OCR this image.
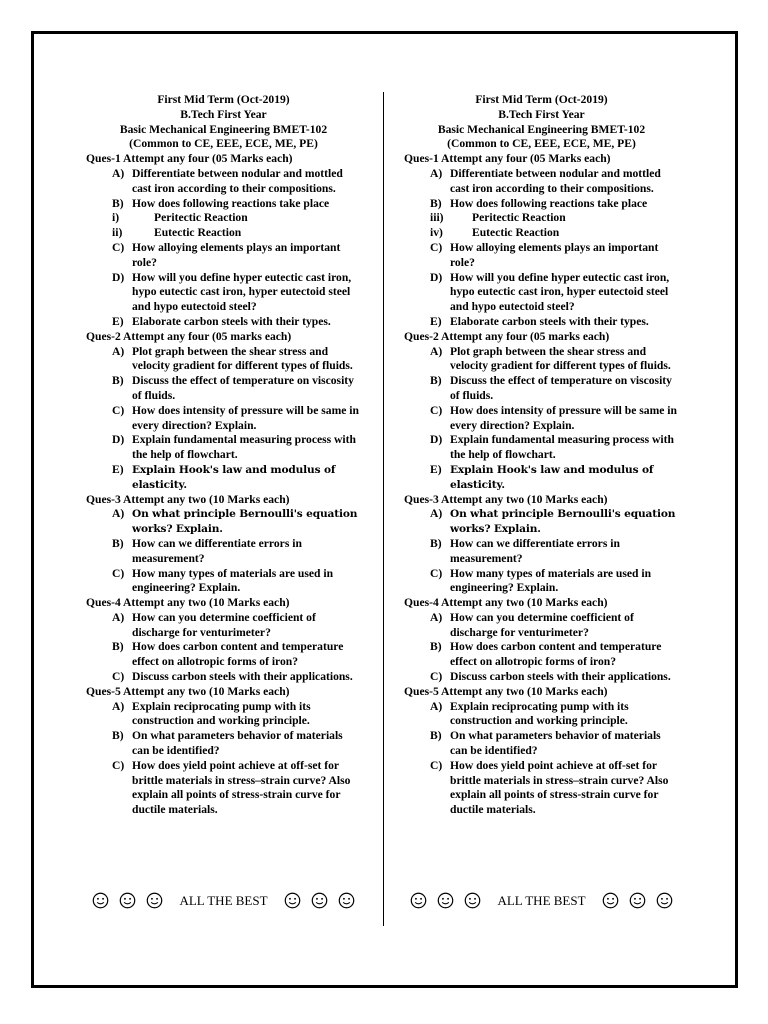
First Mid Term (Oct-2019)
B.Tech First Year
Basic Mechanical Engineering BMET-102
(Common to CE, EEE, ECE, ME, PE)
Ques-1 Attempt any four (05 Marks each)
A) Differentiate between nodular and mottled cast iron according to their compositions.
B) How does following reactions take place
i)	Peritectic Reaction
ii)	Eutectic Reaction
C) How alloying elements plays an important role?
D) How will you define hyper eutectic cast iron, hypo eutectic cast iron, hyper eutectoid steel and hypo eutectoid steel?
E) Elaborate carbon steels with their types.
Ques-2 Attempt any four (05 marks each)
A) Plot graph between the shear stress and velocity gradient for different types of fluids.
B) Discuss the effect of temperature on viscosity of fluids.
C) How does intensity of pressure will be same in every direction? Explain.
D) Explain fundamental measuring process with the help of flowchart.
E) Explain Hook's law and modulus of elasticity.
Ques-3 Attempt any two (10 Marks each)
A) On what principle Bernoulli's equation works? Explain.
B) How can we differentiate errors in measurement?
C) How many types of materials are used in engineering? Explain.
Ques-4 Attempt any two (10 Marks each)
A) How can you determine coefficient of discharge for venturimeter?
B) How does carbon content and temperature effect on allotropic forms of iron?
C) Discuss carbon steels with their applications.
Ques-5 Attempt any two (10 Marks each)
A) Explain reciprocating pump with its construction and working principle.
B) On what parameters behavior of materials can be identified?
C) How does yield point achieve at off-set for brittle materials in stress–strain curve? Also explain all points of stress-strain curve for ductile materials.
First Mid Term (Oct-2019)
B.Tech First Year
Basic Mechanical Engineering BMET-102
(Common to CE, EEE, ECE, ME, PE)
Ques-1 Attempt any four (05 Marks each)
A) Differentiate between nodular and mottled cast iron according to their compositions.
B) How does following reactions take place
iii) Peritectic Reaction
iv)	Eutectic Reaction
C) How alloying elements plays an important role?
D) How will you define hyper eutectic cast iron, hypo eutectic cast iron, hyper eutectoid steel and hypo eutectoid steel?
E) Elaborate carbon steels with their types.
Ques-2 Attempt any four (05 marks each)
A) Plot graph between the shear stress and velocity gradient for different types of fluids.
B) Discuss the effect of temperature on viscosity of fluids.
C) How does intensity of pressure will be same in every direction? Explain.
D) Explain fundamental measuring process with the help of flowchart.
E) Explain Hook's law and modulus of elasticity.
Ques-3 Attempt any two (10 Marks each)
A) On what principle Bernoulli's equation works? Explain.
B) How can we differentiate errors in measurement?
C) How many types of materials are used in engineering? Explain.
Ques-4 Attempt any two (10 Marks each)
A) How can you determine coefficient of discharge for venturimeter?
B) How does carbon content and temperature effect on allotropic forms of iron?
C) Discuss carbon steels with their applications.
Ques-5 Attempt any two (10 Marks each)
A) Explain reciprocating pump with its construction and working principle.
B) On what parameters behavior of materials can be identified?
C) How does yield point achieve at off-set for brittle materials in stress–strain curve? Also explain all points of stress-strain curve for ductile materials.
ALL THE BEST	ALL THE BEST
